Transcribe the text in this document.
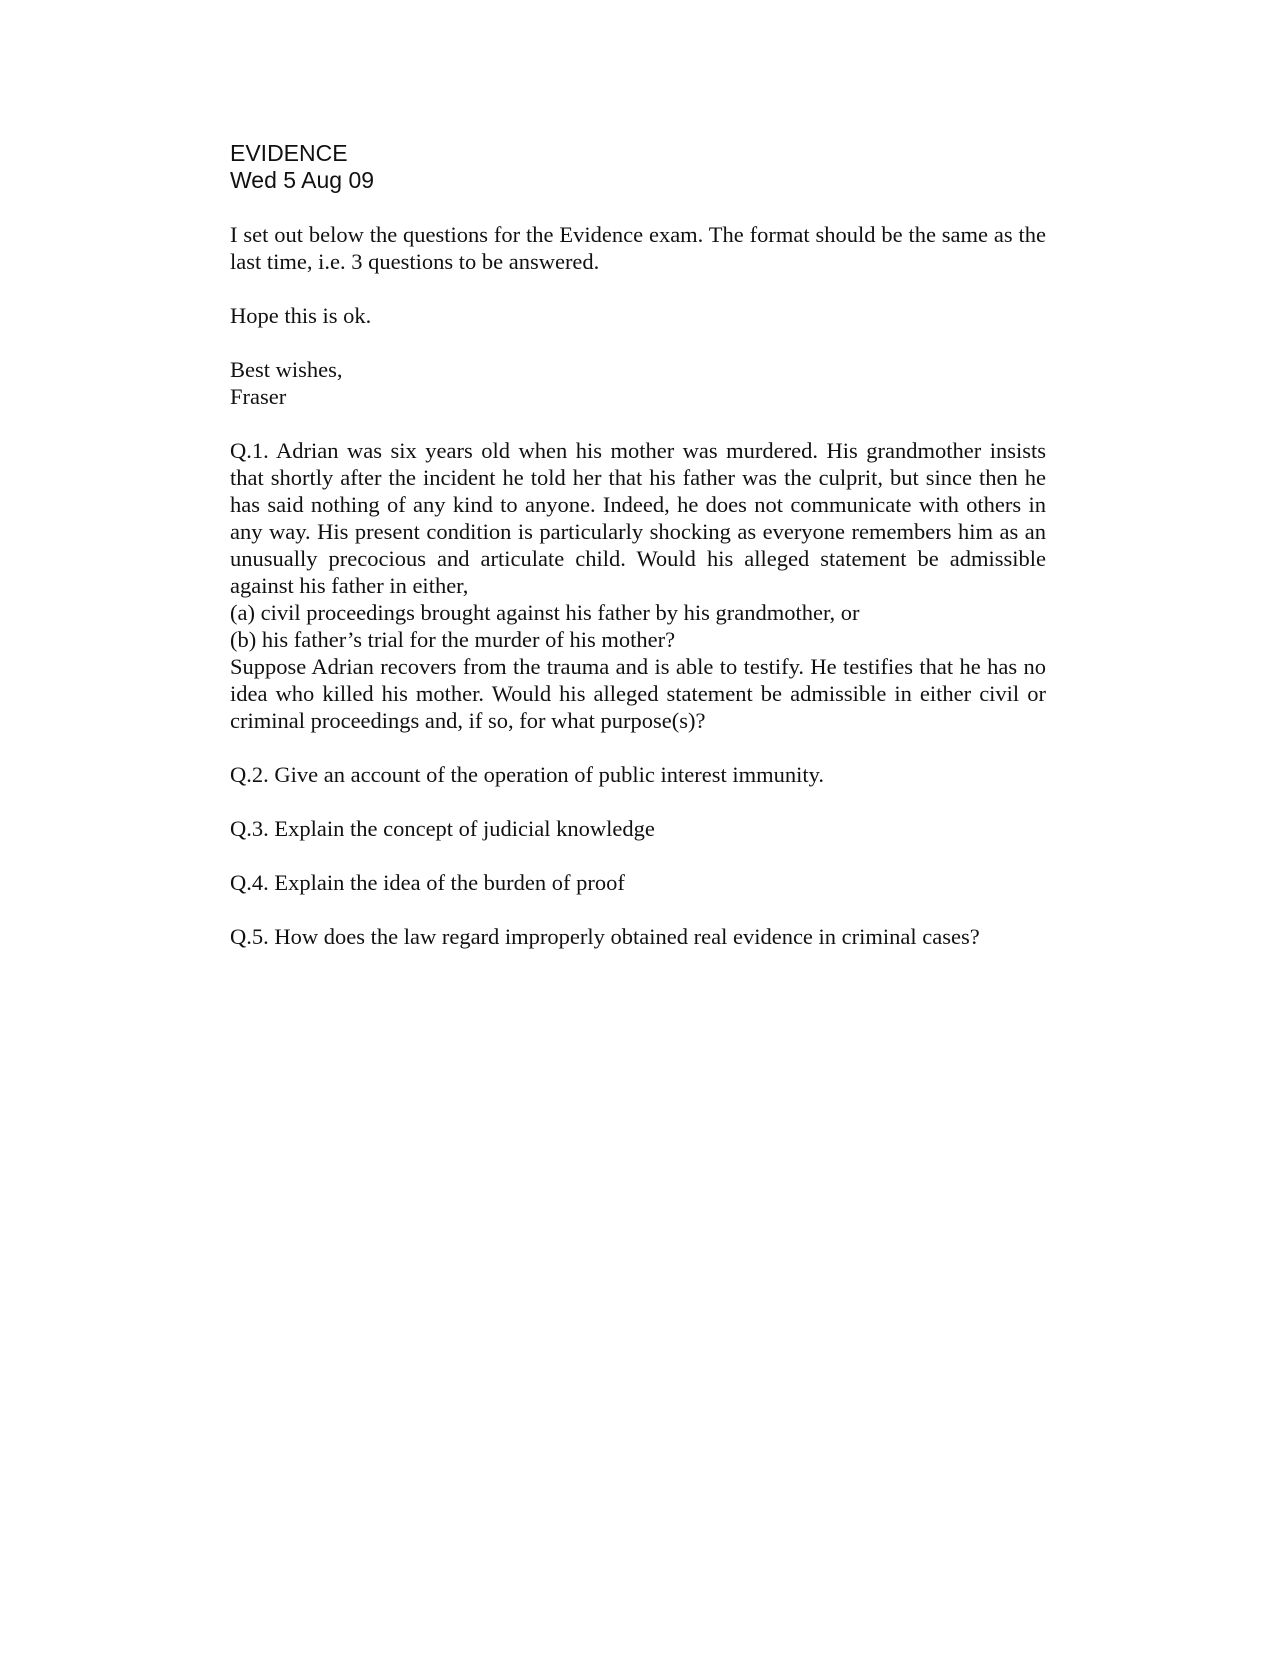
EVIDENCE

Wed 5 Aug 09

I set out below the questions for the Evidence exam. The format should be the same as the last time, i.e. 3 questions to be answered.

Hope this is ok.

Best wishes,

Fraser

Q.1. Adrian was six years old when his mother was murdered. His grandmother insists that shortly after the incident he told her that his father was the culprit, but since then he has said nothing of any kind to anyone. Indeed, he does not communicate with others in any way. His present condition is particularly shocking as everyone remembers him as an unusually precocious and articulate child. Would his alleged statement be admissible against his father in either,

(a) civil proceedings brought against his father by his grandmother, or

(b) his father’s trial for the murder of his mother?

Suppose Adrian recovers from the trauma and is able to testify. He testifies that he has no idea who killed his mother. Would his alleged statement be admissible in either civil or criminal proceedings and, if so, for what purpose(s)?

Q.2. Give an account of the operation of public interest immunity.

Q.3. Explain the concept of judicial knowledge

Q.4. Explain the idea of the burden of proof

Q.5. How does the law regard improperly obtained real evidence in criminal cases?
